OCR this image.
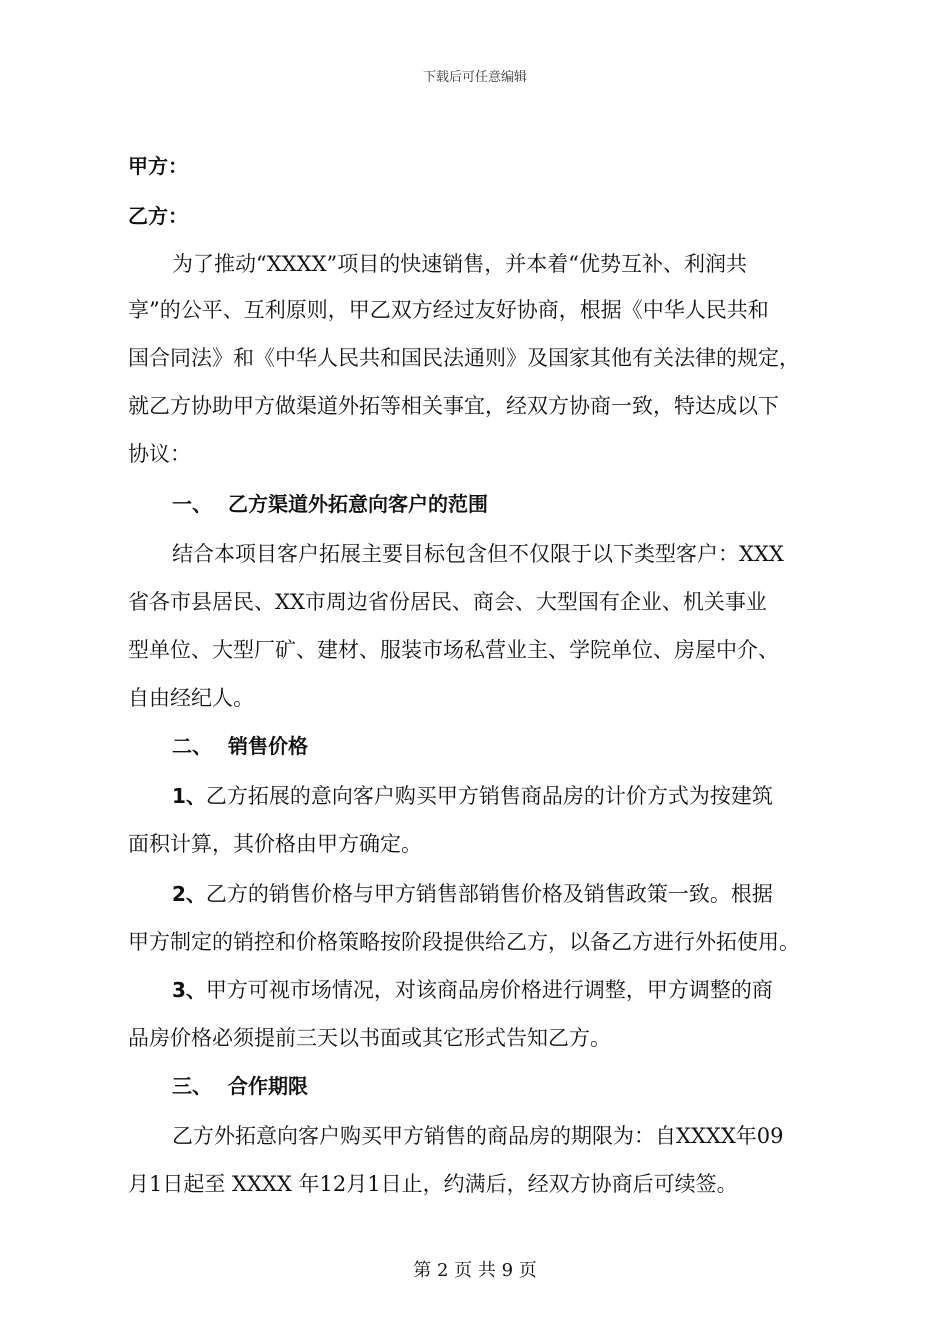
下载后可任意编辑
甲方：
乙方：
为了推动“XXXX”项目的快速销售，并本着“优势互补、利润共
享”的公平、互利原则，甲乙双方经过友好协商，根据《中华人民共和
国合同法》和《中华人民共和国民法通则》及国家其他有关法律的规定，
就乙方协助甲方做渠道外拓等相关事宜，经双方协商一致，特达成以下
协议：
一、 乙方渠道外拓意向客户的范围
结合本项目客户拓展主要目标包含但不仅限于以下类型客户：XXX
省各市县居民、XX市周边省份居民、商会、大型国有企业、机关事业
型单位、大型厂矿、建材、服装市场私营业主、学院单位、房屋中介、
自由经纪人。
二、 销售价格
1、乙方拓展的意向客户购买甲方销售商品房的计价方式为按建筑
面积计算，其价格由甲方确定。
2、乙方的销售价格与甲方销售部销售价格及销售政策一致。根据
甲方制定的销控和价格策略按阶段提供给乙方，以备乙方进行外拓使用。
3、甲方可视市场情况，对该商品房价格进行调整，甲方调整的商
品房价格必须提前三天以书面或其它形式告知乙方。
三、 合作期限
乙方外拓意向客户购买甲方销售的商品房的期限为：自XXXX年09
月1日起至 XXXX 年12月1日止，约满后，经双方协商后可续签。
第 2 页 共 9 页
